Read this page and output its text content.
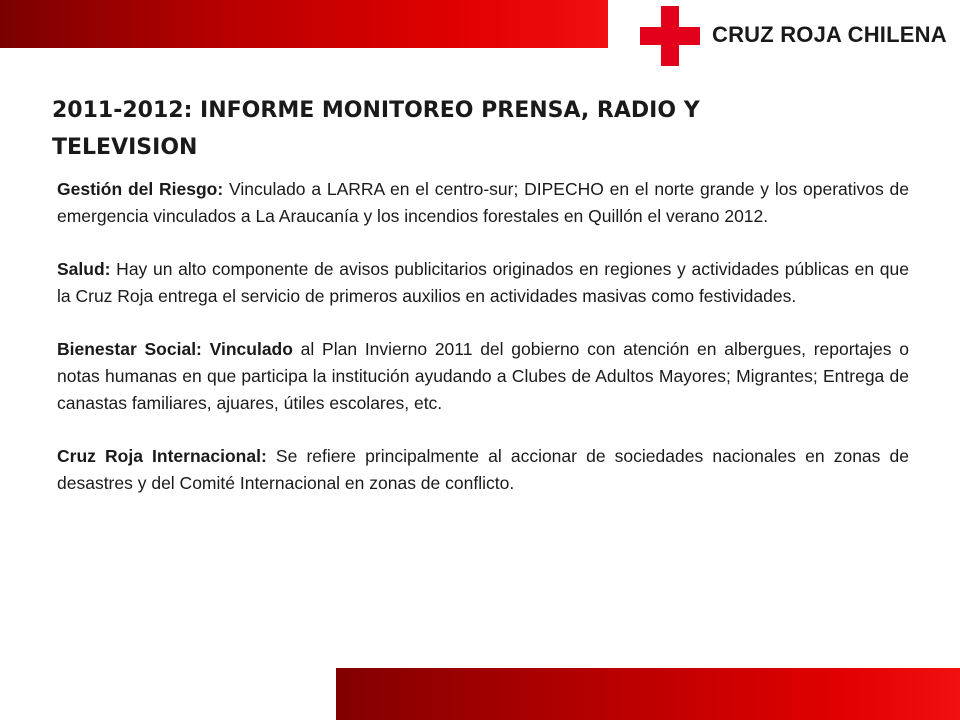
CRUZ ROJA CHILENA
2011-2012: INFORME MONITOREO PRENSA, RADIO Y TELEVISION

Gestión del Riesgo: Vinculado a LARRA en el centro-sur; DIPECHO en el norte grande y los operativos de emergencia vinculados a La Araucanía y los incendios forestales en Quillón el verano 2012.

Salud: Hay un alto componente de avisos publicitarios originados en regiones y actividades públicas en que la Cruz Roja entrega el servicio de primeros auxilios en actividades masivas como festividades.

Bienestar Social: Vinculado al Plan Invierno 2011 del gobierno con atención en albergues, reportajes o notas humanas en que participa la institución ayudando a Clubes de Adultos Mayores; Migrantes; Entrega de canastas familiares, ajuares, útiles escolares, etc.

Cruz Roja Internacional: Se refiere principalmente al accionar de sociedades nacionales en zonas de desastres y del Comité Internacional en zonas de conflicto.
